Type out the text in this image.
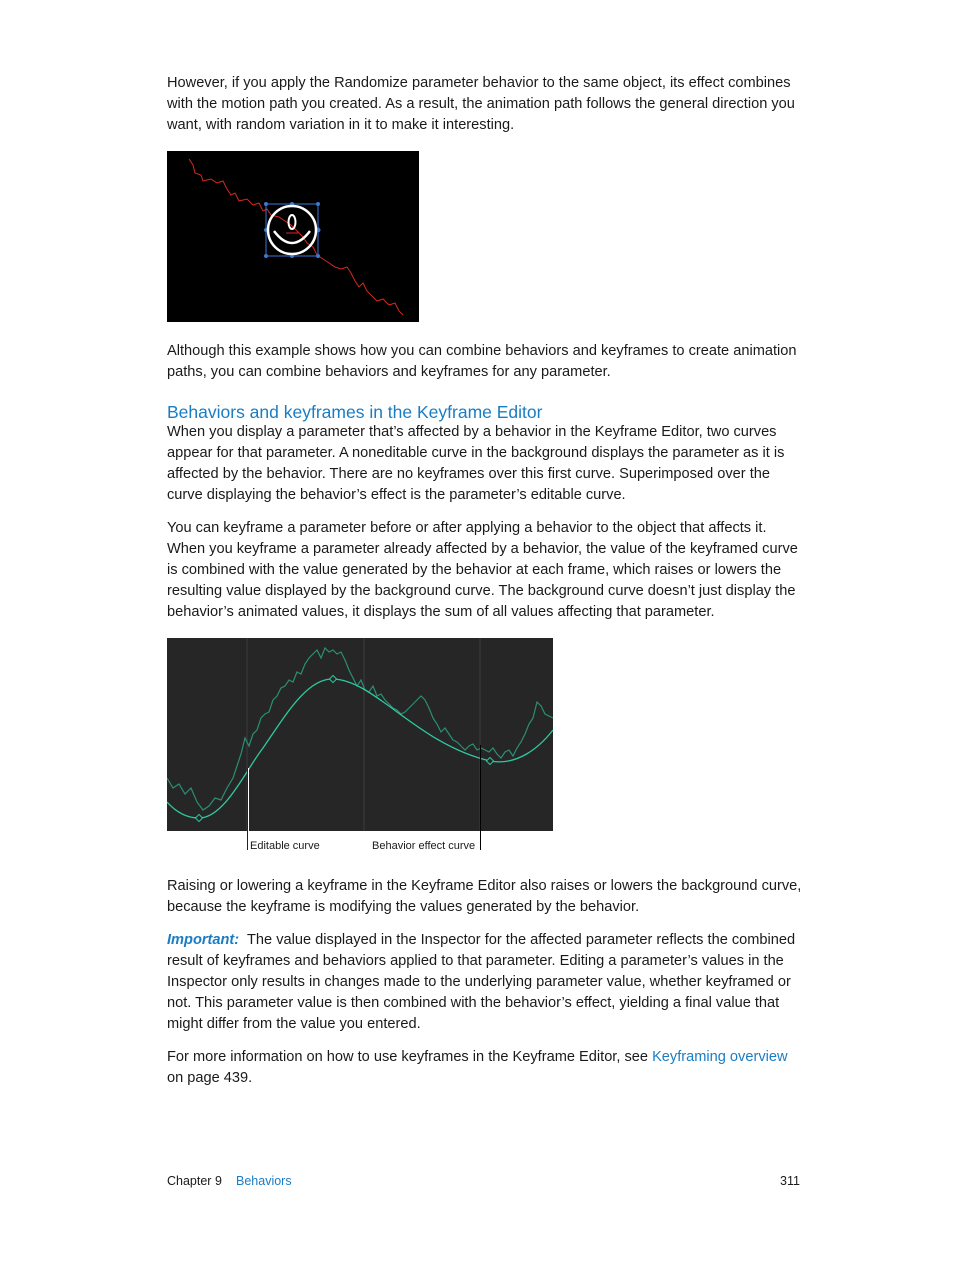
However, if you apply the Randomize parameter behavior to the same object, its effect combines with the motion path you created. As a result, the animation path follows the general direction you want, with random variation in it to make it interesting.

Although this example shows how you can combine behaviors and keyframes to create animation paths, you can combine behaviors and keyframes for any parameter.

Behaviors and keyframes in the Keyframe Editor

When you display a parameter that’s affected by a behavior in the Keyframe Editor, two curves appear for that parameter. A noneditable curve in the background displays the parameter as it is affected by the behavior. There are no keyframes over this first curve. Superimposed over the curve displaying the behavior’s effect is the parameter’s editable curve.

You can keyframe a parameter before or after applying a behavior to the object that affects it. When you keyframe a parameter already affected by a behavior, the value of the keyframed curve is combined with the value generated by the behavior at each frame, which raises or lowers the resulting value displayed by the background curve. The background curve doesn’t just display the behavior’s animated values, it displays the sum of all values affecting that parameter.

Editable curve	Behavior effect curve

Raising or lowering a keyframe in the Keyframe Editor also raises or lowers the background curve, because the keyframe is modifying the values generated by the behavior.

Important: The value displayed in the Inspector for the affected parameter reflects the combined result of keyframes and behaviors applied to that parameter. Editing a parameter’s values in the Inspector only results in changes made to the underlying parameter value, whether keyframed or not. This parameter value is then combined with the behavior’s effect, yielding a final value that might differ from the value you entered.

For more information on how to use keyframes in the Keyframe Editor, see Keyframing overview on page 439.

Chapter 9 Behaviors	311
